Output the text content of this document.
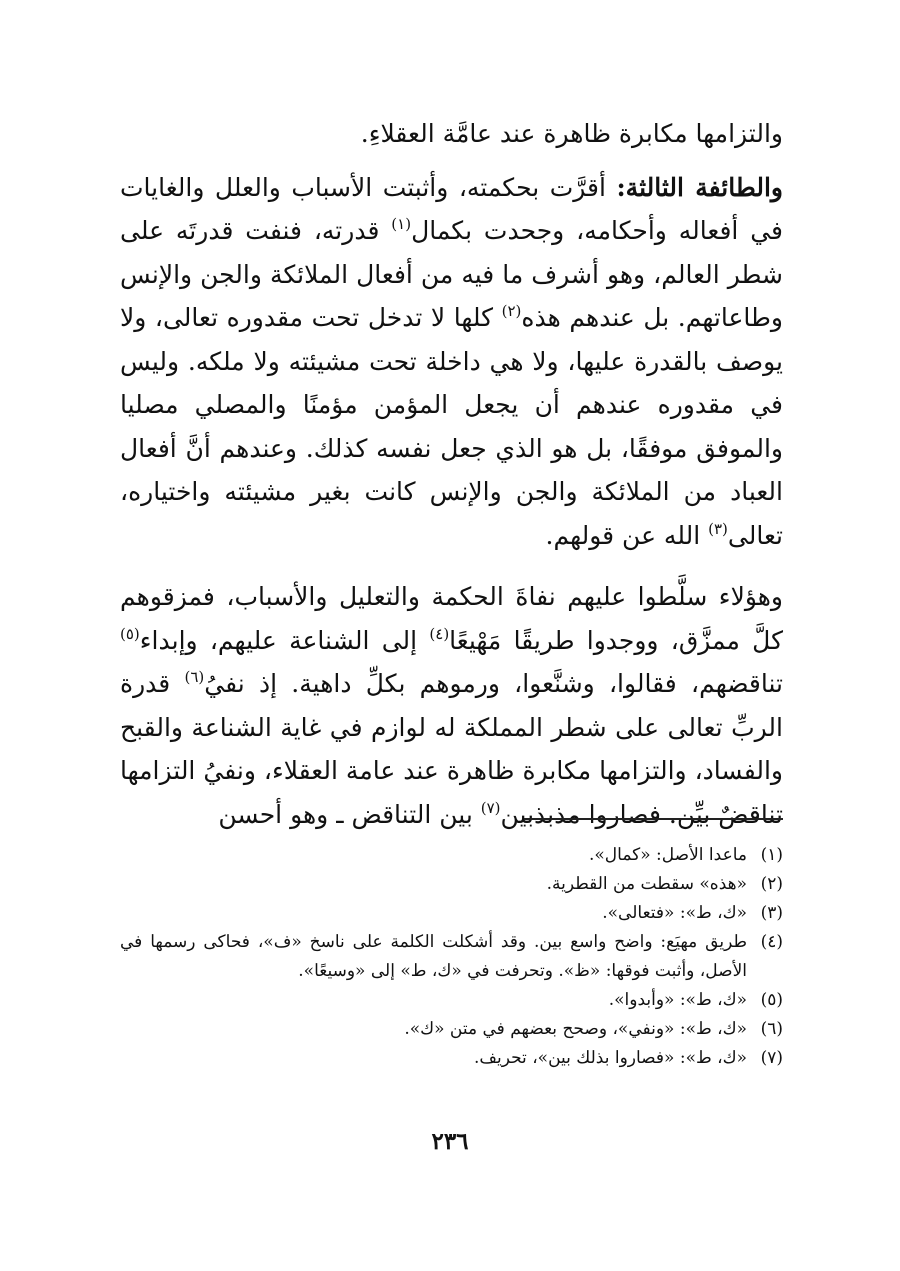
والتزامها مكابرة ظاهرة عند عامَّة العقلاءِ.

والطائفة الثالثة: أقرَّت بحكمته، وأثبتت الأسباب والعلل والغايات في أفعاله وأحكامه، وجحدت بكمال$^{(١)}$ قدرته، فنفت قدرتَه على شطر العالم، وهو أشرف ما فيه من أفعال الملائكة والجن والإنس وطاعاتهم. بل عندهم هذه$^{(٢)}$ كلها لا تدخل تحت مقدوره تعالى، ولا يوصف بالقدرة عليها، ولا هي داخلة تحت مشيئته ولا ملكه. وليس في مقدوره عندهم أن يجعل المؤمن مؤمنًا والمصلي مصليا والموفق موفقًا، بل هو الذي جعل نفسه كذلك. وعندهم أنَّ أفعال العباد من الملائكة والجن والإنس كانت بغير مشيئته واختياره، تعالى$^{(٣)}$ الله عن قولهم.

وهؤلاء سلَّطوا عليهم نفاةَ الحكمة والتعليل والأسباب، فمزقوهم كلَّ ممزَّق، ووجدوا طريقًا مَهْيعًا$^{(٤)}$ إلى الشناعة عليهم، وإبداء$^{(٥)}$ تناقضهم، فقالوا، وشنَّعوا، ورموهم بكلِّ داهية. إذ نفيُ$^{(٦)}$ قدرة الربِّ تعالى على شطر المملكة له لوازم في غاية الشناعة والقبح والفساد، والتزامها مكابرة ظاهرة عند عامة العقلاء، ونفيُ التزامها تناقضٌ بيِّن. فصاروا مذبذبين$^{(٧)}$ بين التناقض ـ وهو أحسن

(١)
ماعدا الأصل: «كمال».
(٢)
«هذه» سقطت من القطرية.
(٣)
«ك، ط»: «فتعالى».
(٤)
طريق مهيَع: واضح واسع بين. وقد أشكلت الكلمة على ناسخ «ف»، فحاكى رسمها في الأصل، وأثبت فوقها: «ظ». وتحرفت في «ك، ط» إلى «وسيعًا».
(٥)
«ك، ط»: «وأبدوا».
(٦)
«ك، ط»: «ونفي»، وصحح بعضهم في متن «ك».
(٧)
«ك، ط»: «فصاروا بذلك بين»، تحريف.
٢٣٦
